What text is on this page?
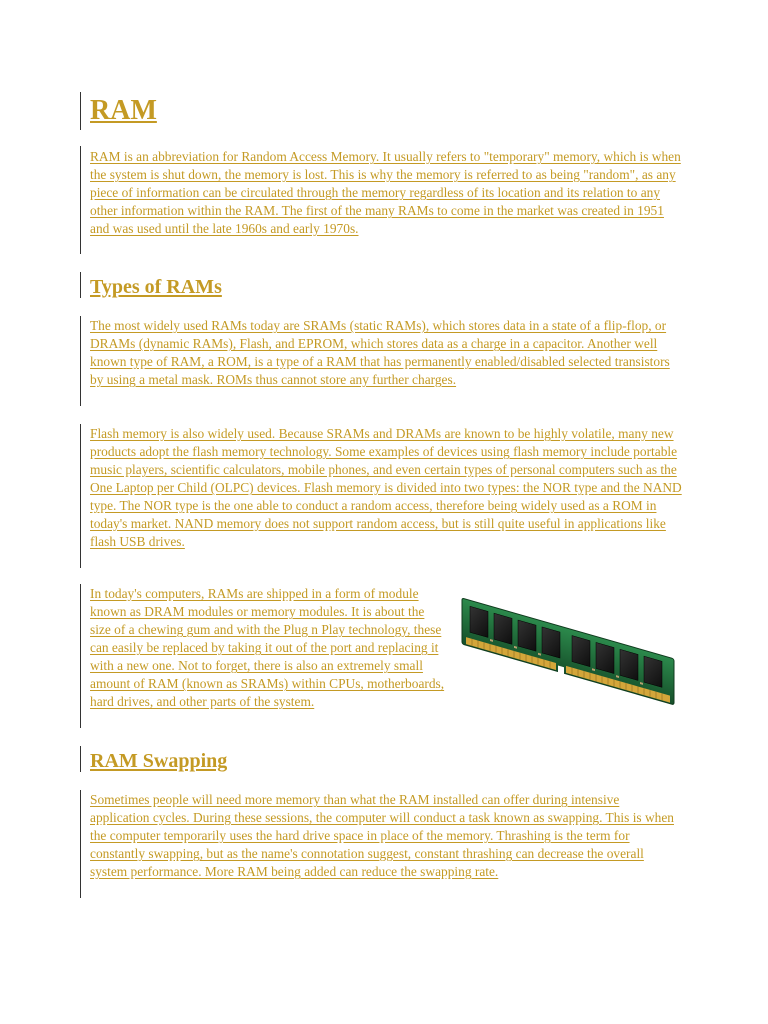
RAM

RAM is an abbreviation for Random Access Memory. It usually refers to "temporary" memory, which is when the system is shut down, the memory is lost. This is why the memory is referred to as being "random", as any piece of information can be circulated through the memory regardless of its location and its relation to any other information within the RAM. The first of the many RAMs to come in the market was created in 1951 and was used until the late 1960s and early 1970s.

Types of RAMs

The most widely used RAMs today are SRAMs (static RAMs), which stores data in a state of a flip-flop, or DRAMs (dynamic RAMs), Flash, and EPROM, which stores data as a charge in a capacitor. Another well known type of RAM, a ROM, is a type of a RAM that has permanently enabled/disabled selected transistors by using a metal mask. ROMs thus cannot store any further charges.

Flash memory is also widely used. Because SRAMs and DRAMs are known to be highly volatile, many new products adopt the flash memory technology. Some examples of devices using flash memory include portable music players, scientific calculators, mobile phones, and even certain types of personal computers such as the One Laptop per Child (OLPC) devices. Flash memory is divided into two types: the NOR type and the NAND type. The NOR type is the one able to conduct a random access, therefore being widely used as a ROM in today's market. NAND memory does not support random access, but is still quite useful in applications like flash USB drives.

In today's computers, RAMs are shipped in a form of module known as DRAM modules or memory modules. It is about the size of a chewing gum and with the Plug n Play technology, these can easily be replaced by taking it out of the port and replacing it with a new one. Not to forget, there is also an extremely small amount of RAM (known as SRAMs) within CPUs, motherboards, hard drives, and other parts of the system.

RAM Swapping

Sometimes people will need more memory than what the RAM installed can offer during intensive application cycles. During these sessions, the computer will conduct a task known as swapping. This is when the computer temporarily uses the hard drive space in place of the memory. Thrashing is the term for constantly swapping, but as the name's connotation suggest, constant thrashing can decrease the overall system performance. More RAM being added can reduce the swapping rate.
